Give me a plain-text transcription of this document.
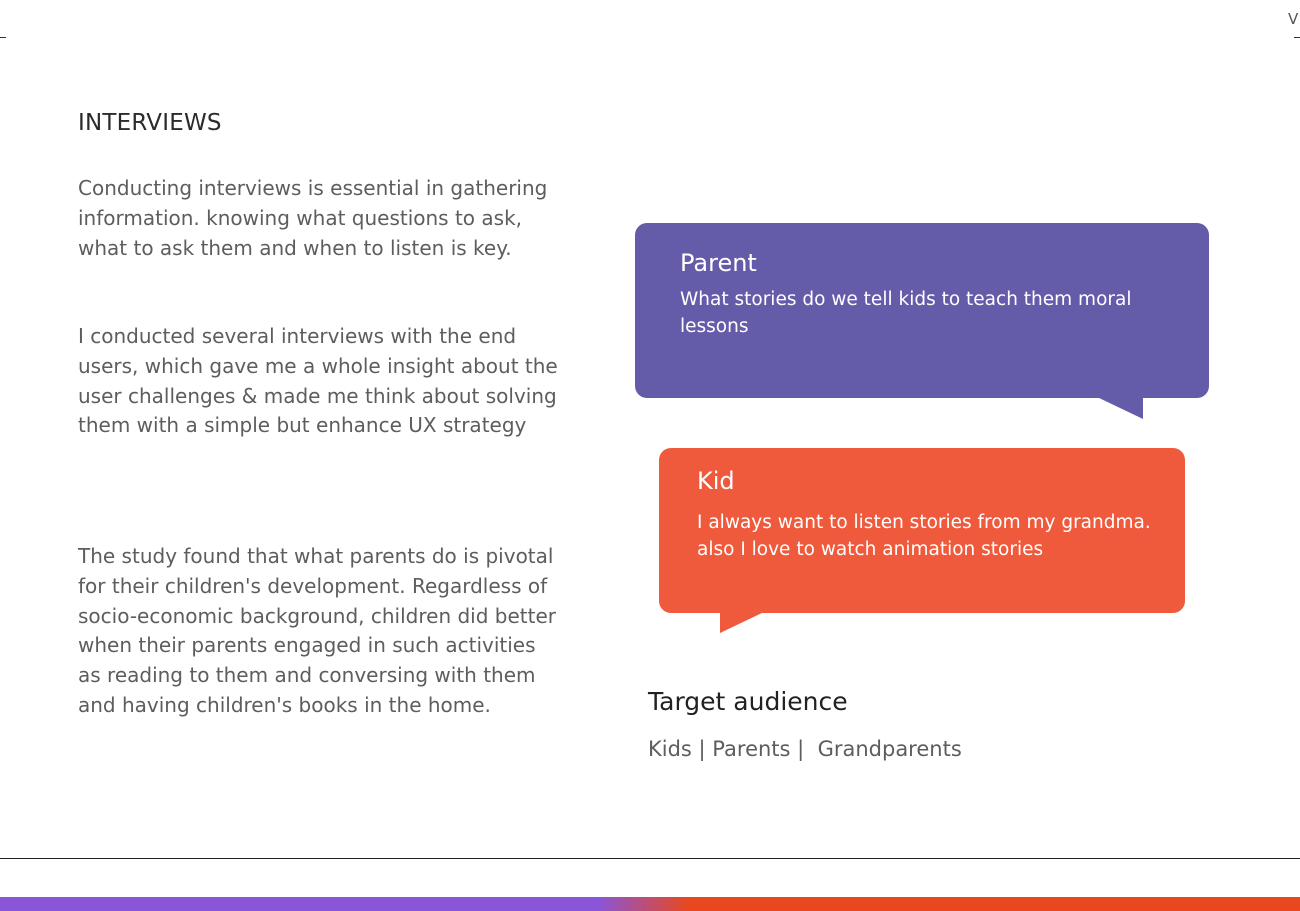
V
INTERVIEWS

Conducting interviews is essential in gathering information. knowing what questions to ask, what to ask them and when to listen is key.

I conducted several interviews with the end users, which gave me a whole insight about the user challenges & made me think about solving them with a simple but enhance UX strategy

The study found that what parents do is pivotal for their children's development. Regardless of socio-economic background, children did better when their parents engaged in such activities as reading to them and conversing with them and having children's books in the home.

Parent
What stories do we tell kids to teach them moral lessons
Kid
I always want to listen stories from my grandma. also I love to watch animation stories
Target audience
Kids | Parents |  Grandparents
